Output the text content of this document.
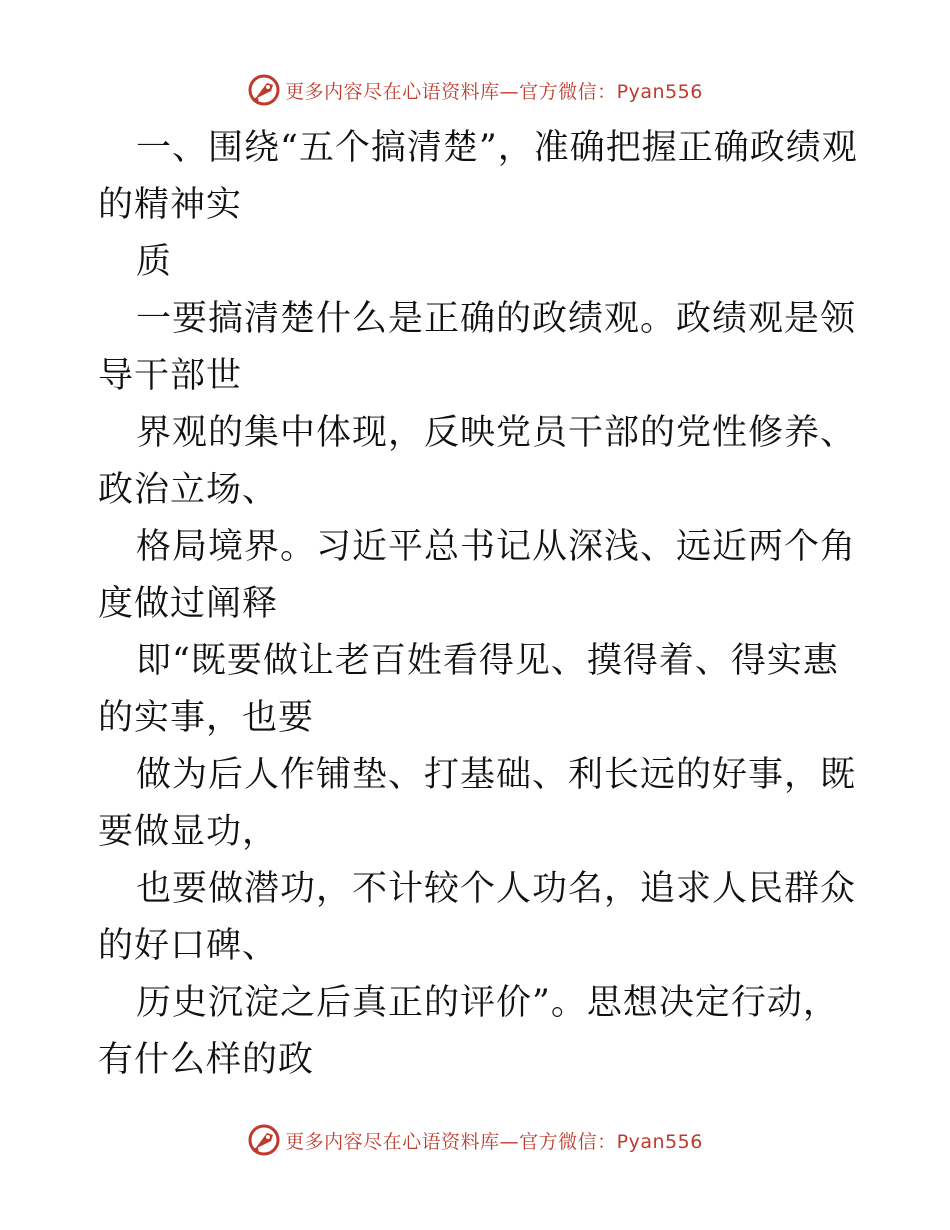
更多内容尽在心语资料库—官方微信：Pyan556

一、围绕“五个搞清楚”，准确把握正确政绩观的精神实

质

一要搞清楚什么是正确的政绩观。政绩观是领导干部世

界观的集中体现，反映党员干部的党性修养、政治立场、

格局境界。习近平总书记从深浅、远近两个角度做过阐释

即“既要做让老百姓看得见、摸得着、得实惠的实事，也要

做为后人作铺垫、打基础、利长远的好事，既要做显功，

也要做潜功，不计较个人功名，追求人民群众的好口碑、

历史沉淀之后真正的评价”。思想决定行动，有什么样的政

更多内容尽在心语资料库—官方微信：Pyan556
